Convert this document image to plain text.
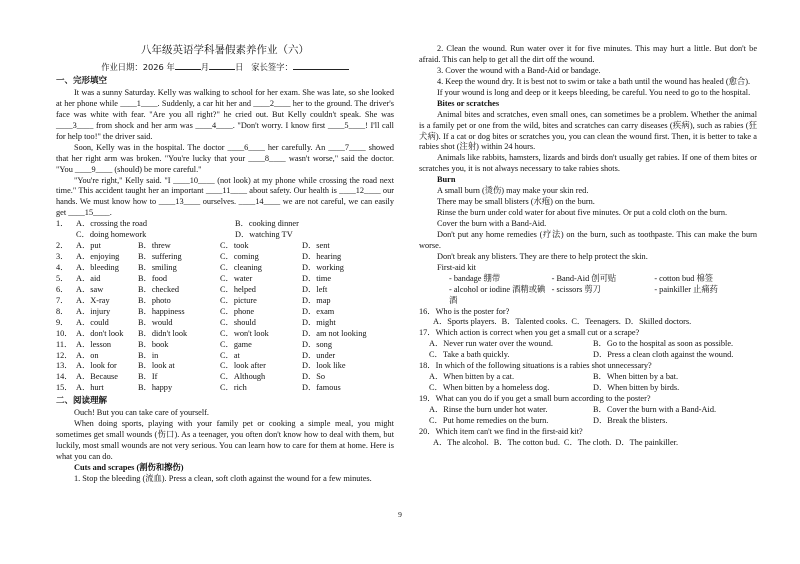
八年级英语学科暑假素养作业（六）
作业日期：2026 年	月	日 家长签字：
一、完形填空

It was a sunny Saturday. Kelly was walking to school for her exam. She was late, so she looked at her phone while ____1____. Suddenly, a car hit her and ____2____ her to the ground. The driver's face was white with fear. "Are you all right?" he cried out. But Kelly couldn't speak. She was ____3____ from shock and her arm was ____4____. "Don't worry. I know first ____5____! I'll call for help too!" the driver said.

Soon, Kelly was in the hospital. The doctor ____6____ her carefully. An ____7____ showed that her right arm was broken. "You're lucky that your ____8____ wasn't worse," said the doctor. "You ____9____ (should) be more careful."

"You're right," Kelly said. "I ____10____ (not look) at my phone while crossing the road next time." This accident taught her an important ____11____ about safety. Our health is ____12____ our hands. We must know how to ____13____ ourselves. ____14____ we are not careful, we can easily get ____15____.

1． A．crossing the road	B．cooking dinner
C．doing homework	D．watching TV
2． A．put	B．threw	C．took	D．sent
3． A．enjoying	B．suffering	C．coming	D．hearing
4． A．bleeding	B．smiling	C．cleaning	D．working
5． A．aid	B．food	C．water	D．time
6． A．saw	B．checked	C．helped	D．left
7． A．X-ray	B．photo	C．picture	D．map
8． A．injury	B．happiness	C．phone	D．exam
9． A．could	B．would	C．should	D．might
10． A．don't look	B．didn't look	C．won't look	D．am not looking
11． A．lesson	B．book	C．game	D．song
12． A．on	B．in	C．at	D．under
13． A．look for	B．look at	C．look after	D．look like
14． A．Because	B．If	C．Although	D．So
15． A．hurt	B．happy	C．rich	D．famous
二、阅读理解

Ouch! But you can take care of yourself.

When doing sports, playing with your family pet or cooking a simple meal, you might sometimes get small wounds (伤口). As a teenager, you often don't know how to deal with them, but luckily, most small wounds are not very serious. You can learn how to care for them at home. Here is what you can do.

Cuts and scrapes (割伤和擦伤)

1. Stop the bleeding (流血). Press a clean, soft cloth against the wound for a few minutes.

2. Clean the wound. Run water over it for five minutes. This may hurt a little. But don't be afraid. This can help to get all the dirt off the wound.

3. Cover the wound with a Band-Aid or bandage.

4. Keep the wound dry. It is best not to swim or take a bath until the wound has healed (愈合).

If your wound is long and deep or it keeps bleeding, be careful. You need to go to the hospital.

Bites or scratches

Animal bites and scratches, even small ones, can sometimes be a problem. Whether the animal is a family pet or one from the wild, bites and scratches can carry diseases (疾病), such as rabies (狂犬病). If a cat or dog bites or scratches you, you can clean the wound first. Then, it is better to take a rabies shot (注射) within 24 hours.

Animals like rabbits, hamsters, lizards and birds don't usually get rabies. If one of them bites or scratches you, it is not always necessary to take rabies shots.

Burn

A small burn (烫伤) may make your skin red.

There may be small blisters (水疱) on the burn.

Rinse the burn under cold water for about five minutes. Or put a cold cloth on the burn.

Cover the burn with a Band-Aid.

Don't put any home remedies (疗法) on the burn, such as toothpaste. This can make the burn worse.

Don't break any blisters. They are there to help protect the skin.

First-aid kit

- bandage 绷带	- Band-Aid 创可贴	- cotton bud 棉签
- alcohol or iodine 酒精或碘酒
- scissors 剪刀	- painkiller 止痛药
16．Who is the poster for?
A．Sports players. B．Talented cooks. C．Teenagers. D．Skilled doctors.
17．Which action is correct when you get a small cut or a scrape?
A．Never run water over the wound.	B．Go to the hospital as soon as possible.
C．Take a bath quickly.	D．Press a clean cloth against the wound.
18．In which of the following situations is a rabies shot unnecessary?
A．When bitten by a cat.	B．When bitten by a bat.
C．When bitten by a homeless dog.	D．When bitten by birds.
19．What can you do if you get a small burn according to the poster?
A．Rinse the burn under hot water.	B．Cover the burn with a Band-Aid.
C．Put home remedies on the burn.	D．Break the blisters.
20．Which item can't we find in the first-aid kit?
A．The alcohol. B．The cotton bud. C．The cloth. D．The painkiller.
9
